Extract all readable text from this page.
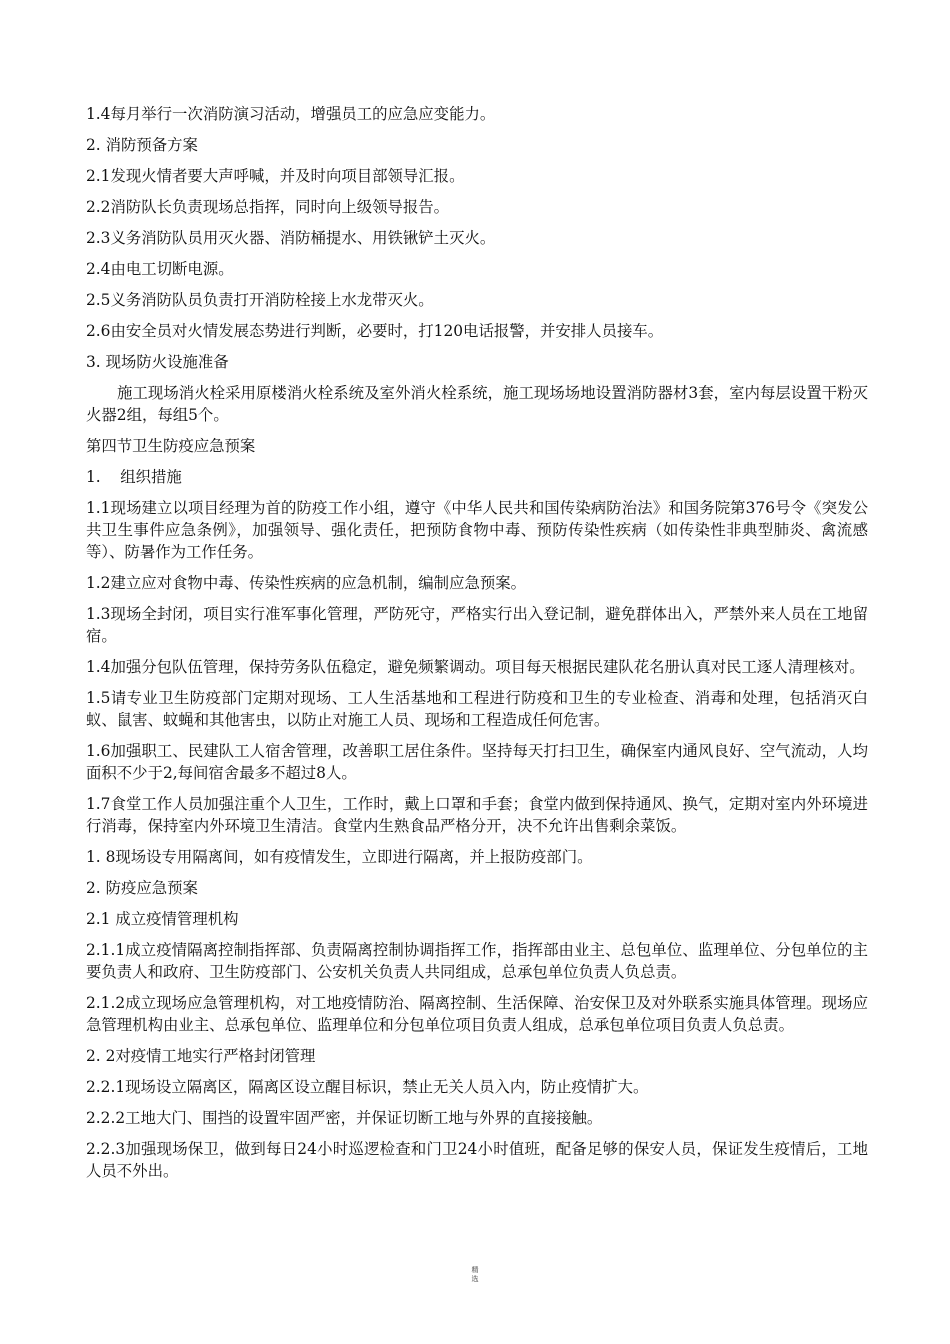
1.4每月举行一次消防演习活动，增强员工的应急应变能力。

2. 消防预备方案

2.1发现火情者要大声呼喊，并及时向项目部领导汇报。

2.2消防队长负责现场总指挥，同时向上级领导报告。

2.3义务消防队员用灭火器、消防桶提水、用铁锹铲土灭火。

2.4由电工切断电源。

2.5义务消防队员负责打开消防栓接上水龙带灭火。

2.6由安全员对火情发展态势进行判断，必要时，打120电话报警，并安排人员接车。

3. 现场防火设施准备

施工现场消火栓采用原楼消火栓系统及室外消火栓系统，施工现场场地设置消防器材3套，室内每层设置干粉灭火器2组，每组5个。

第四节卫生防疫应急预案

1.    组织措施

1.1现场建立以项目经理为首的防疫工作小组，遵守《中华人民共和国传染病防治法》和国务院第376号令《突发公共卫生事件应急条例》，加强领导、强化责任，把预防食物中毒、预防传染性疾病（如传染性非典型肺炎、禽流感等）、防暑作为工作任务。

1.2建立应对食物中毒、传染性疾病的应急机制，编制应急预案。

1.3现场全封闭，项目实行准军事化管理，严防死守，严格实行出入登记制，避免群体出入，严禁外来人员在工地留宿。

1.4加强分包队伍管理，保持劳务队伍稳定，避免频繁调动。项目每天根据民建队花名册认真对民工逐人清理核对。

1.5请专业卫生防疫部门定期对现场、工人生活基地和工程进行防疫和卫生的专业检查、消毒和处理，包括消灭白蚁、鼠害、蚊蝇和其他害虫，以防止对施工人员、现场和工程造成任何危害。

1.6加强职工、民建队工人宿舍管理，改善职工居住条件。坚持每天打扫卫生，确保室内通风良好、空气流动，人均面积不少于2,每间宿舍最多不超过8人。

1.7食堂工作人员加强注重个人卫生，工作时，戴上口罩和手套；食堂内做到保持通风、换气，定期对室内外环境进行消毒，保持室内外环境卫生清洁。食堂内生熟食品严格分开，决不允许出售剩余菜饭。

1. 8现场设专用隔离间，如有疫情发生，立即进行隔离，并上报防疫部门。

2. 防疫应急预案

2.1 成立疫情管理机构

2.1.1成立疫情隔离控制指挥部、负责隔离控制协调指挥工作，指挥部由业主、总包单位、监理单位、分包单位的主要负责人和政府、卫生防疫部门、公安机关负责人共同组成，总承包单位负责人负总责。

2.1.2成立现场应急管理机构，对工地疫情防治、隔离控制、生活保障、治安保卫及对外联系实施具体管理。现场应急管理机构由业主、总承包单位、监理单位和分包单位项目负责人组成，总承包单位项目负责人负总责。

2. 2对疫情工地实行严格封闭管理

2.2.1现场设立隔离区，隔离区设立醒目标识，禁止无关人员入内，防止疫情扩大。

2.2.2工地大门、围挡的设置牢固严密，并保证切断工地与外界的直接接触。

2.2.3加强现场保卫，做到每日24小时巡逻检查和门卫24小时值班，配备足够的保安人员，保证发生疫情后，工地人员不外出。

精
选
